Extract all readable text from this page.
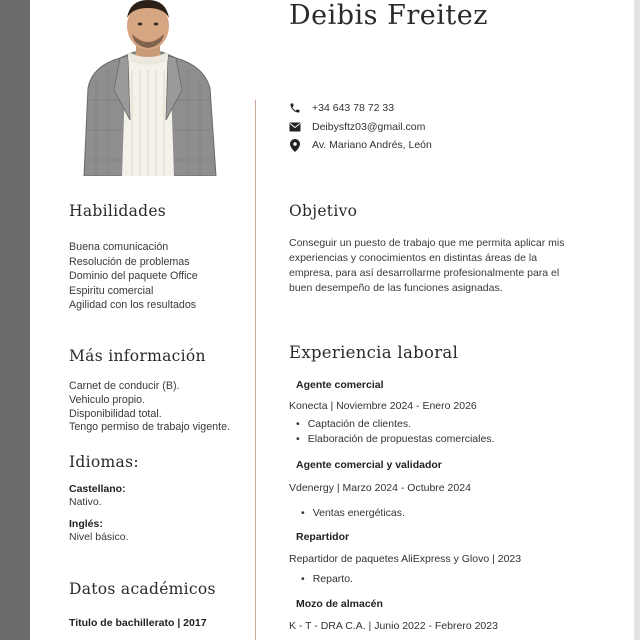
Deibis Freitez
+34 643 78 72 33
Deibysftz03@gmail.com
Av. Mariano Andrés, León
Habilidades
Buena comunicación
Resolución de problemas
Dominio del paquete Office
Espiritu comercial
Agilidad con los resultados
Más información
Carnet de conducir (B).
Vehiculo propio.
Disponibilidad total.
Tengo permiso de trabajo vigente.
Idiomas:
Castellano:
Nativo.
Inglés:
Nivel básico.
Datos académicos
Titulo de bachillerato | 2017
Objetivo
Conseguir un puesto de trabajo que me permita aplicar mis experiencias y conocimientos en distintas áreas de la empresa, para así desarrollarme profesionalmente para el buen desempeño de las funciones asignadas.
Experiencia laboral
Agente comercial
Konecta | Noviembre 2024 - Enero 2026
• Captación de clientes.
• Elaboración de propuestas comerciales.
Agente comercial y validador
Vdenergy | Marzo 2024 - Octubre 2024
• Ventas energéticas.
Repartidor
Repartidor de paquetes AliExpress y Glovo | 2023
• Reparto.
Mozo de almacén
K - T - DRA C.A. | Junio 2022 - Febrero 2023
